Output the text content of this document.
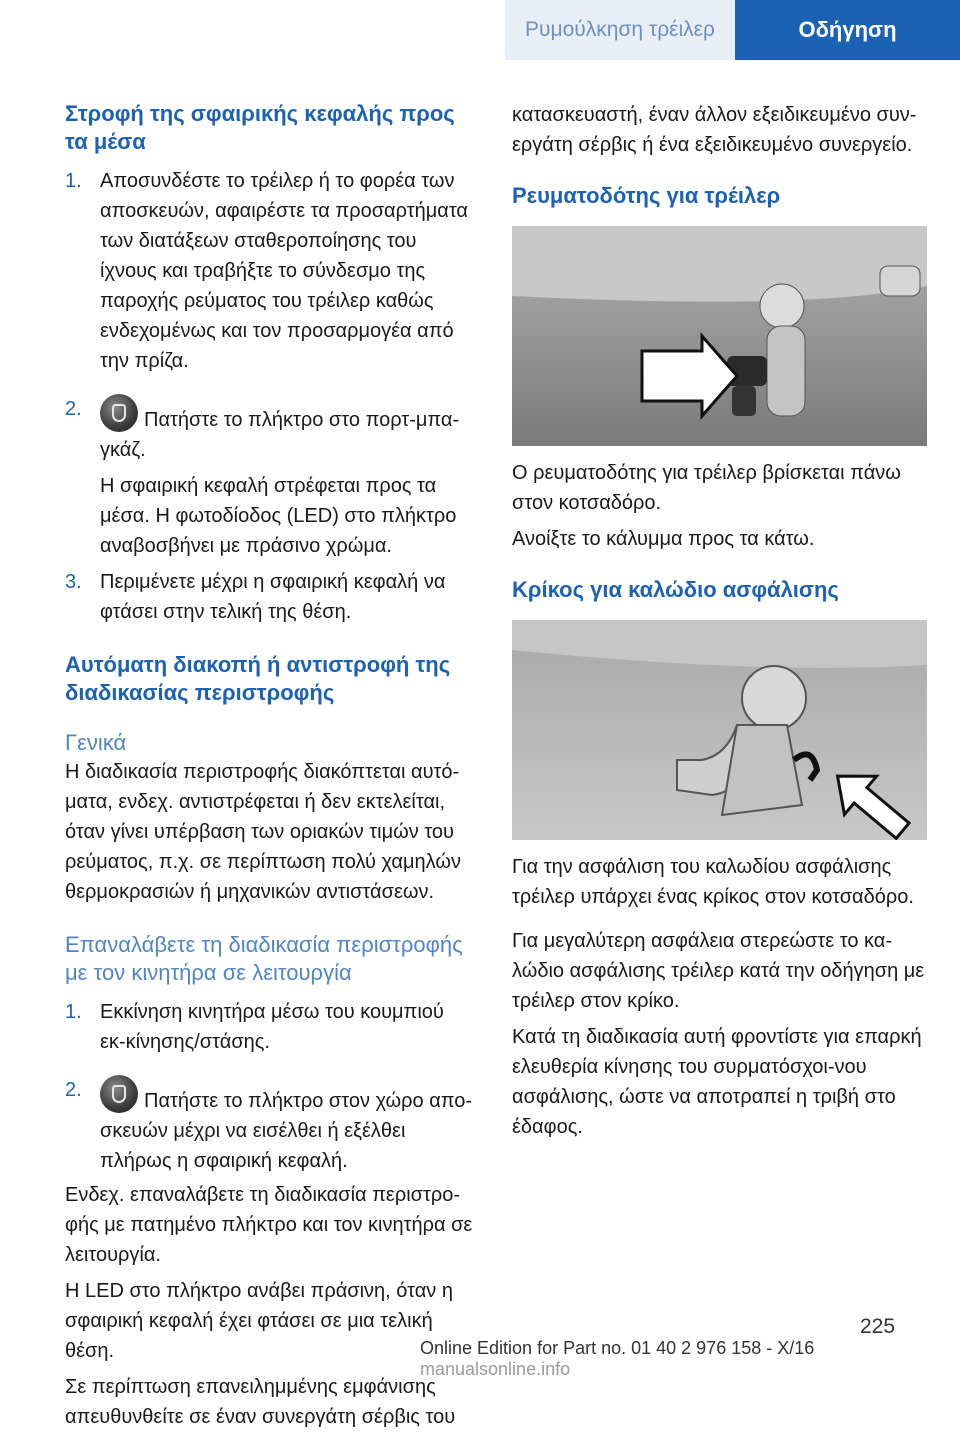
Ρυμούλκηση τρέιλερ	Οδήγηση
Στροφή της σφαιρικής κεφαλής προς τα μέσα
1. Αποσυνδέστε το τρέιλερ ή το φορέα των αποσκευών, αφαιρέστε τα προσαρτήματα των διατάξεων σταθεροποίησης του ίχνους και τραβήξτε το σύνδεσμο της παροχής ρεύματος του τρέιλερ καθώς ενδεχομένως και τον προσαρμογέα από την πρίζα.
2.	Πατήστε το πλήκτρο στο πορτ-μπα-γκάζ.

Η σφαιρική κεφαλή στρέφεται προς τα μέσα. Η φωτοδίοδος (LED) στο πλήκτρο αναβοσβήνει με πράσινο χρώμα.

3. Περιμένετε μέχρι η σφαιρική κεφαλή να φτάσει στην τελική της θέση.
Αυτόματη διακοπή ή αντιστροφή της διαδικασίας περιστροφής
Γενικά

Η διαδικασία περιστροφής διακόπτεται αυτό-ματα, ενδεχ. αντιστρέφεται ή δεν εκτελείται, όταν γίνει υπέρβαση των οριακών τιμών του ρεύματος, π.χ. σε περίπτωση πολύ χαμηλών θερμοκρασιών ή μηχανικών αντιστάσεων.

Επαναλάβετε τη διαδικασία περιστροφής με τον κινητήρα σε λειτουργία
1. Εκκίνηση κινητήρα μέσω του κουμπιού εκ-κίνησης/στάσης.
2.	Πατήστε το πλήκτρο στον χώρο απο-σκευών μέχρι να εισέλθει ή εξέλθει πλήρως η σφαιρική κεφαλή.

Ενδεχ. επαναλάβετε τη διαδικασία περιστρο-φής με πατημένο πλήκτρο και τον κινητήρα σε λειτουργία.

Η LED στο πλήκτρο ανάβει πράσινη, όταν η σφαιρική κεφαλή έχει φτάσει σε μια τελική θέση.

Σε περίπτωση επανειλημμένης εμφάνισης απευθυνθείτε σε έναν συνεργάτη σέρβις του

κατασκευαστή, έναν άλλον εξειδικευμένο συν-εργάτη σέρβις ή ένα εξειδικευμένο συνεργείο.

Ρευματοδότης για τρέιλερ

Ο ρευματοδότης για τρέιλερ βρίσκεται πάνω στον κοτσαδόρο.

Ανοίξτε το κάλυμμα προς τα κάτω.

Κρίκος για καλώδιο ασφάλισης

Για την ασφάλιση του καλωδίου ασφάλισης τρέιλερ υπάρχει ένας κρίκος στον κοτσαδόρο.

Για μεγαλύτερη ασφάλεια στερεώστε το κα-λώδιο ασφάλισης τρέιλερ κατά την οδήγηση με τρέιλερ στον κρίκο.

Κατά τη διαδικασία αυτή φροντίστε για επαρκή ελευθερία κίνησης του συρματόσχοι-νου ασφάλισης, ώστε να αποτραπεί η τριβή στο έδαφος.

225
Online Edition for Part no. 01 40 2 976 158 - X/16 manualsonline.info
